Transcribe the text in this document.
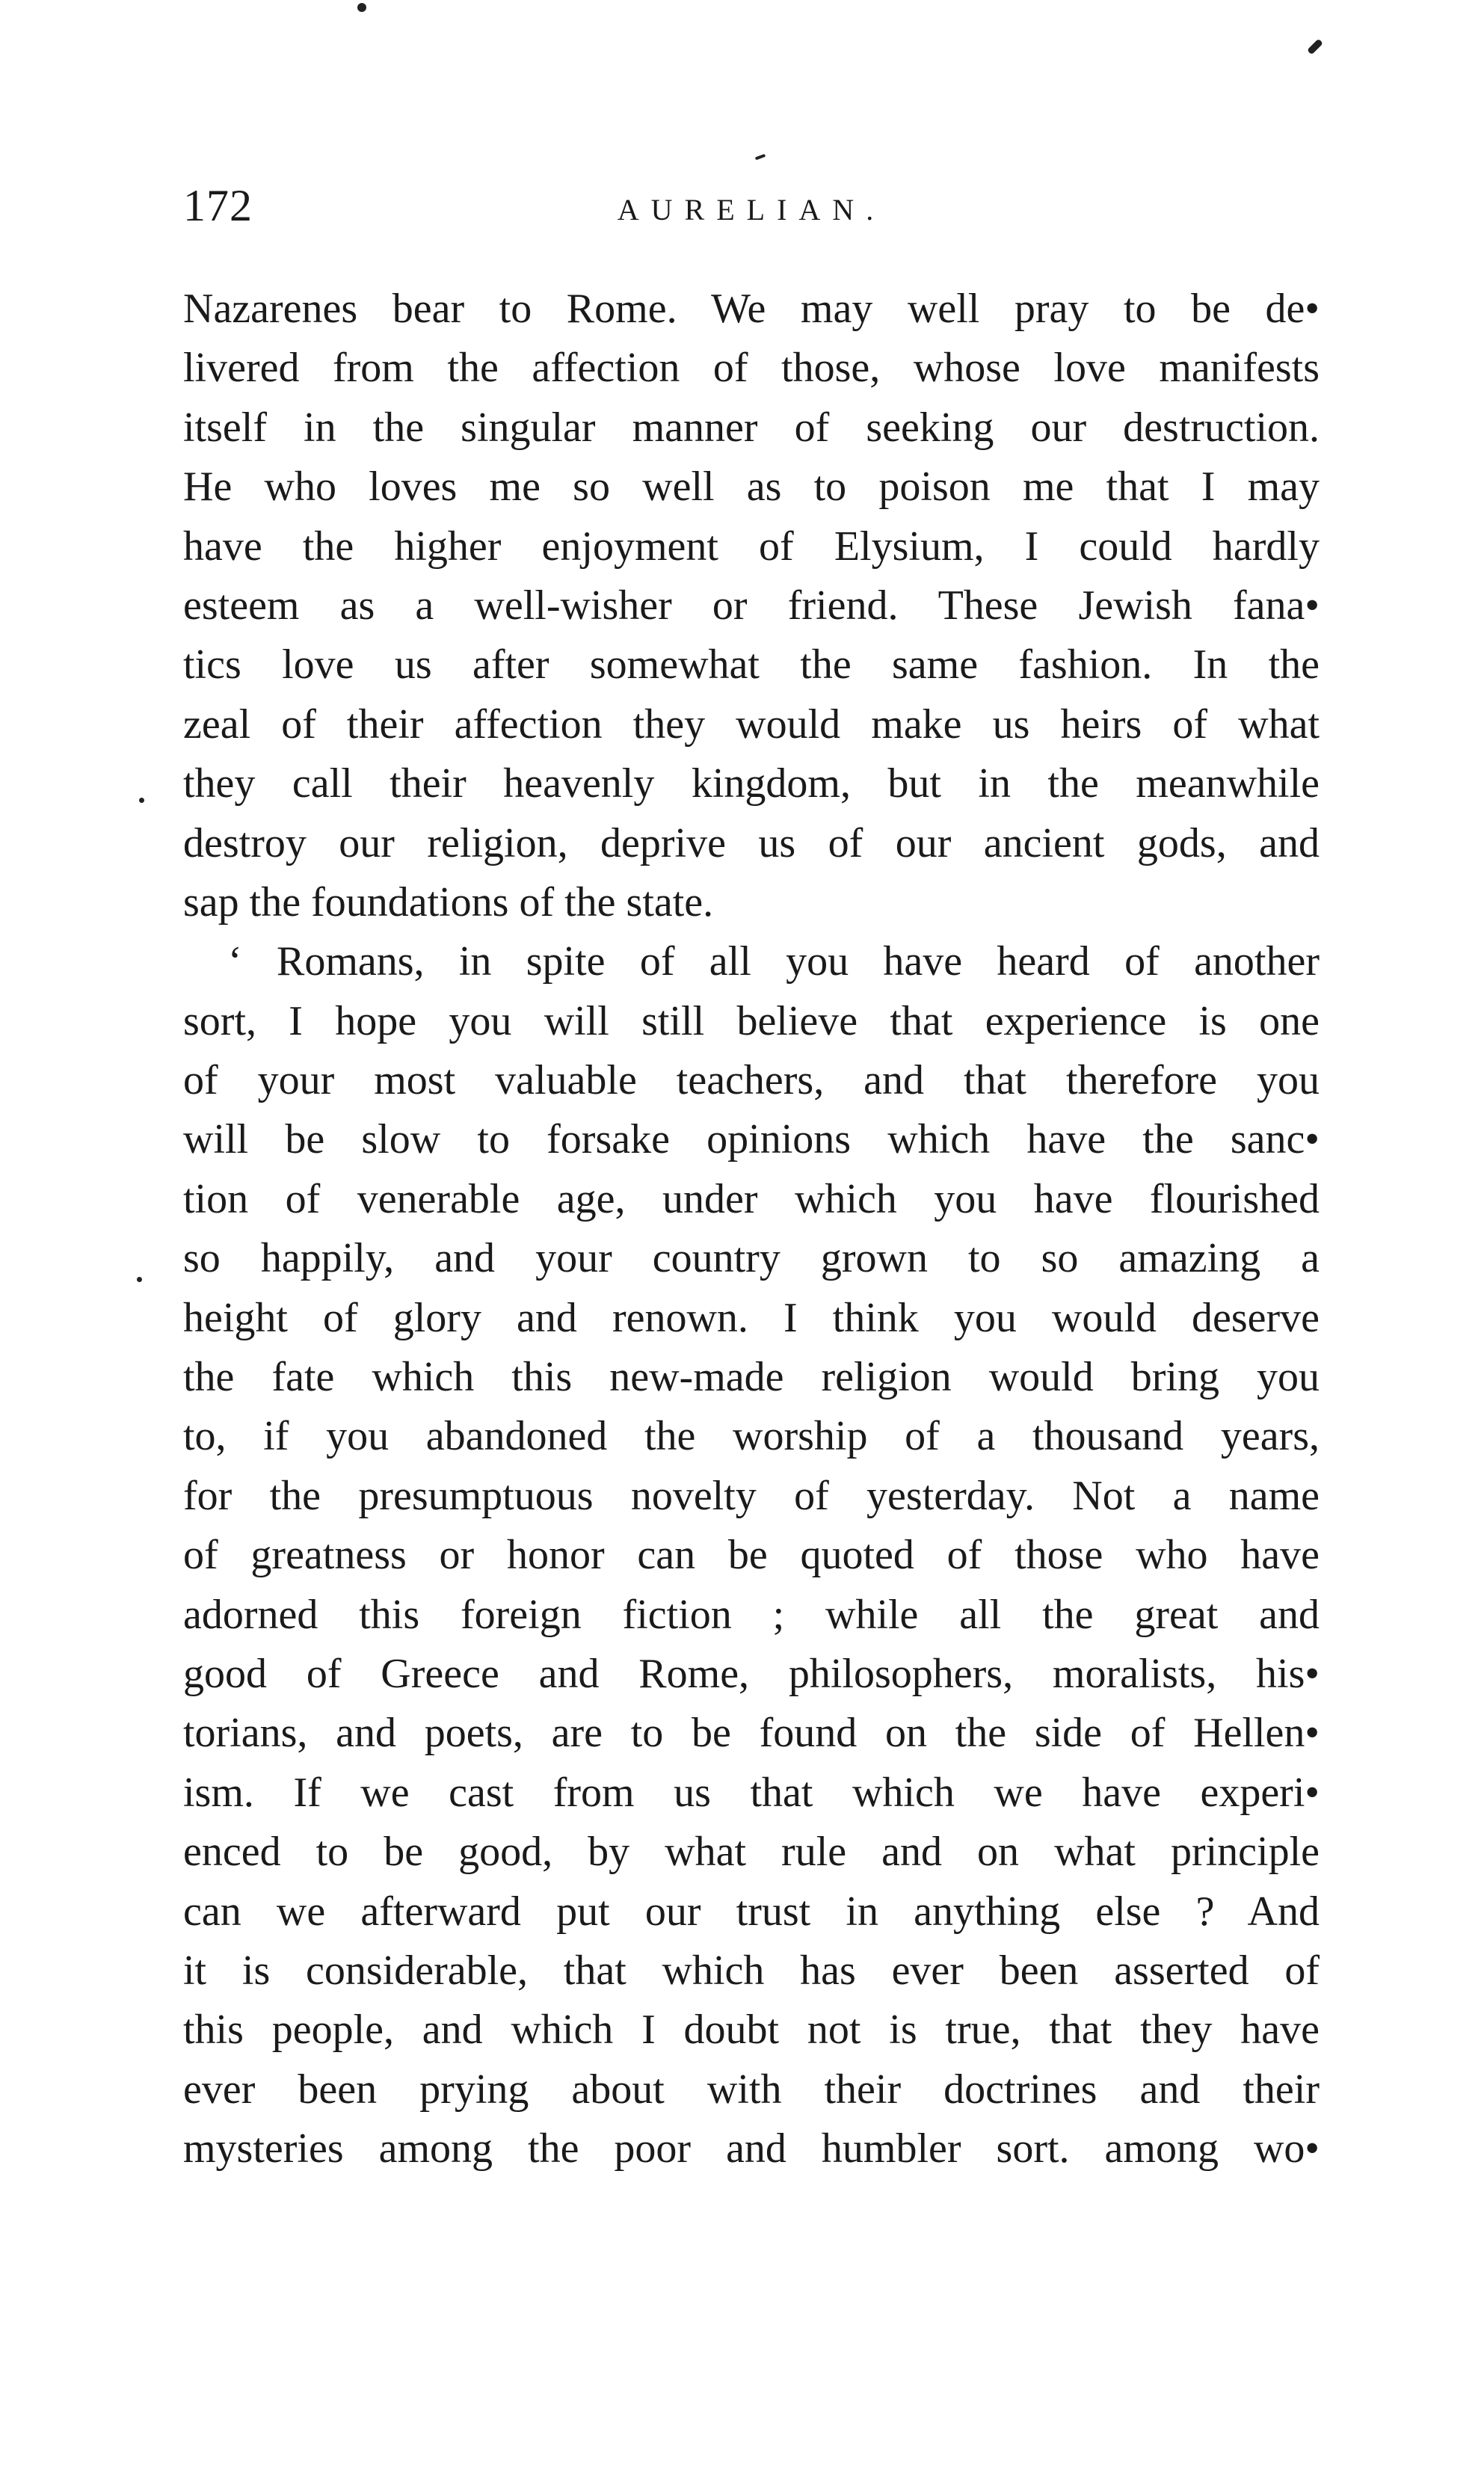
172	AURELIAN.
Nazarenes bear to Rome. We may well pray to be de•
livered from the affection of those, whose love manifests
itself in the singular manner of seeking our destruction.
He who loves me so well as to poison me that I may
have the higher enjoyment of Elysium, I could hardly
esteem as a well-wisher or friend. These Jewish fana•
tics love us after somewhat the same fashion. In the
zeal of their affection they would make us heirs of what
they call their heavenly kingdom, but in the meanwhile
destroy our religion, deprive us of our ancient gods, and
sap the foundations of the state.
‘ Romans, in spite of all you have heard of another
sort, I hope you will still believe that experience is one
of your most valuable teachers, and that therefore you
will be slow to forsake opinions which have the sanc•
tion of venerable age, under which you have flourished
so happily, and your country grown to so amazing a
height of glory and renown. I think you would deserve
the fate which this new-made religion would bring you
to, if you abandoned the worship of a thousand years,
for the presumptuous novelty of yesterday. Not a name
of greatness or honor can be quoted of those who have
adorned this foreign fiction ; while all the great and
good of Greece and Rome, philosophers, moralists, his•
torians, and poets, are to be found on the side of Hellen•
ism. If we cast from us that which we have experi•
enced to be good, by what rule and on what principle
can we afterward put our trust in anything else ? And
it is considerable, that which has ever been asserted of
this people, and which I doubt not is true, that they have
ever been prying about with their doctrines and their
mysteries among the poor and humbler sort. among wo•
